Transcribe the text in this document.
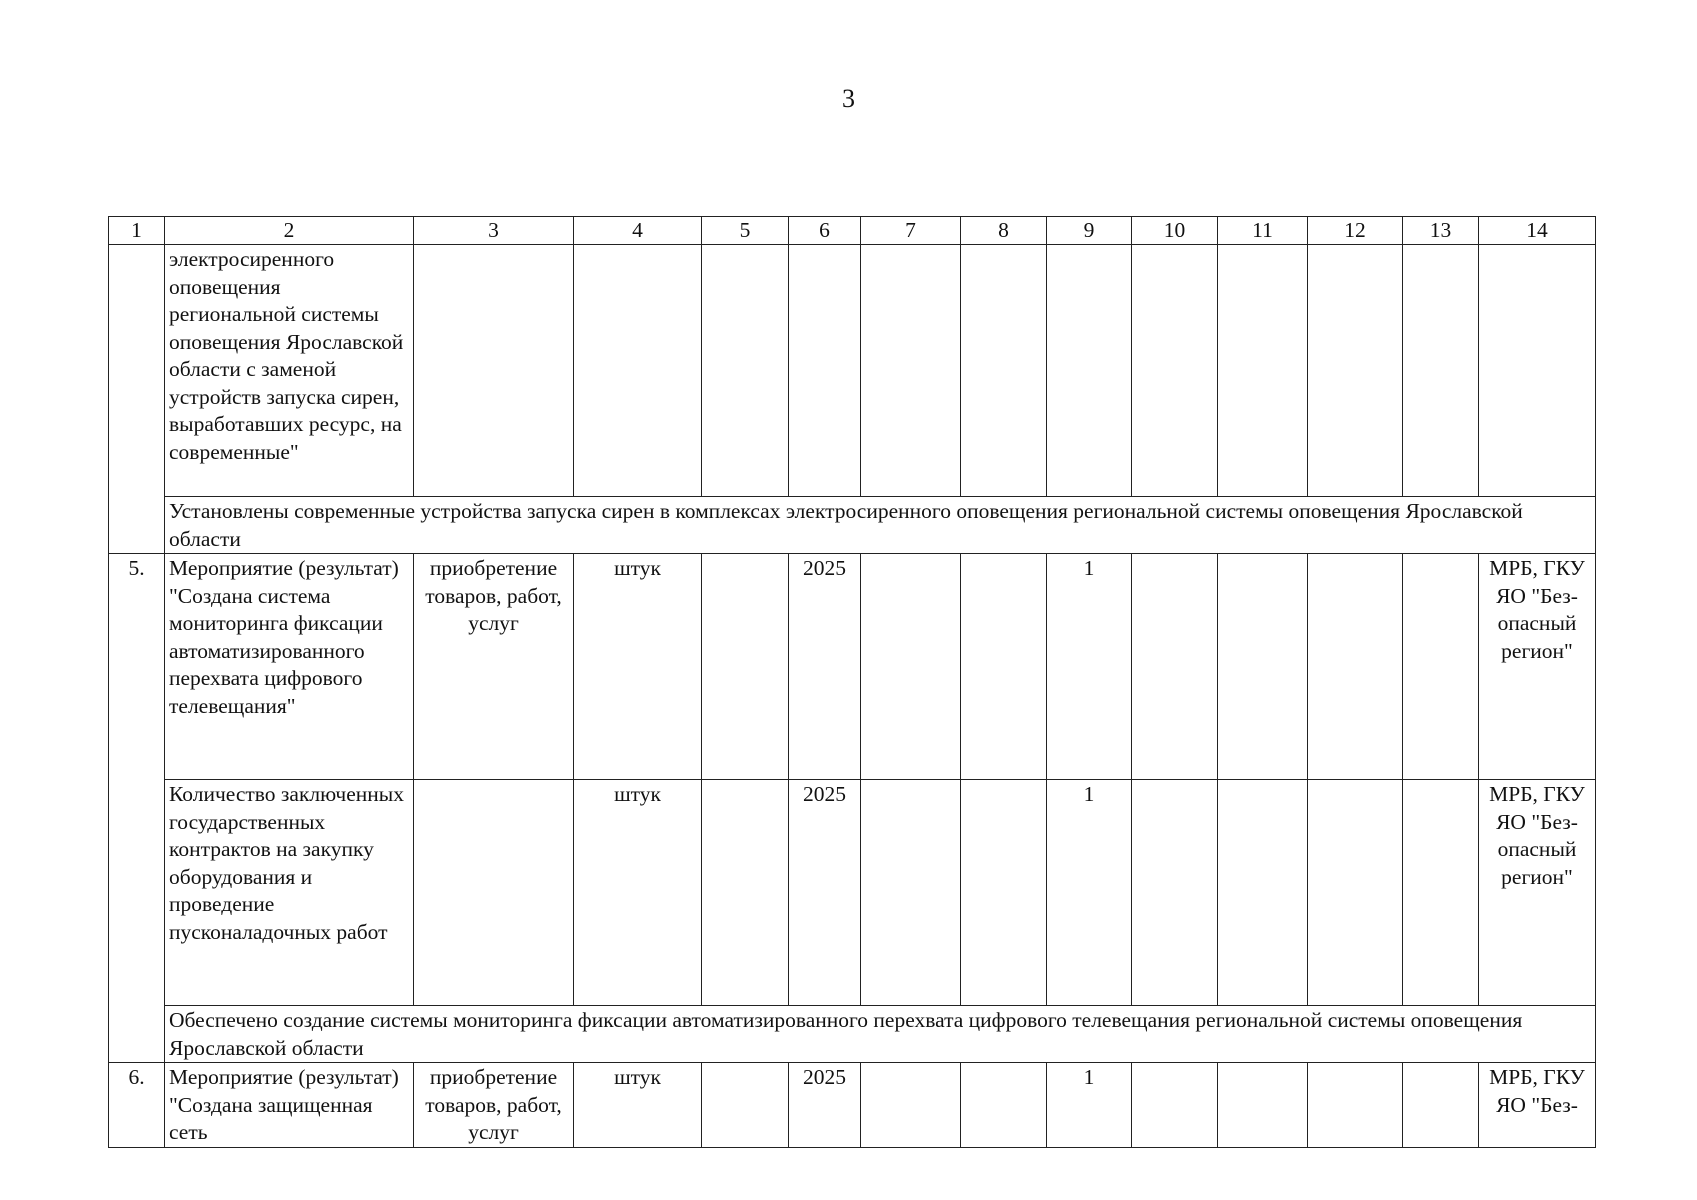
3
1	2	3	4	5	6	7	8	9	10	11	12	13	14
	электросиренного оповещения региональной системы оповещения Ярославской области с заменой устройств запуска сирен, выработавших ресурс, на современные"												
	Установлены современные устройства запуска сирен в комплексах электросиренного оповещения региональной системы оповещения Ярославской области												
5.	Мероприятие (результат) "Создана система мониторинга фиксации автоматизированного перехвата цифрового телевещания"	приобретение товаров, работ, услуг	штук		2025			1					МРБ, ГКУ ЯО "Без-опасный регион"
	Количество заключенных государственных контрактов на закупку оборудования и проведение пусконаладочных работ		штук		2025			1					МРБ, ГКУ ЯО "Без-опасный регион"
	Обеспечено создание системы мониторинга фиксации автоматизированного перехвата цифрового телевещания региональной системы оповещения Ярославской области												
6.	Мероприятие (результат) "Создана защищенная сеть	приобретение товаров, работ, услуг	штук		2025			1					МРБ, ГКУ ЯО "Без-
